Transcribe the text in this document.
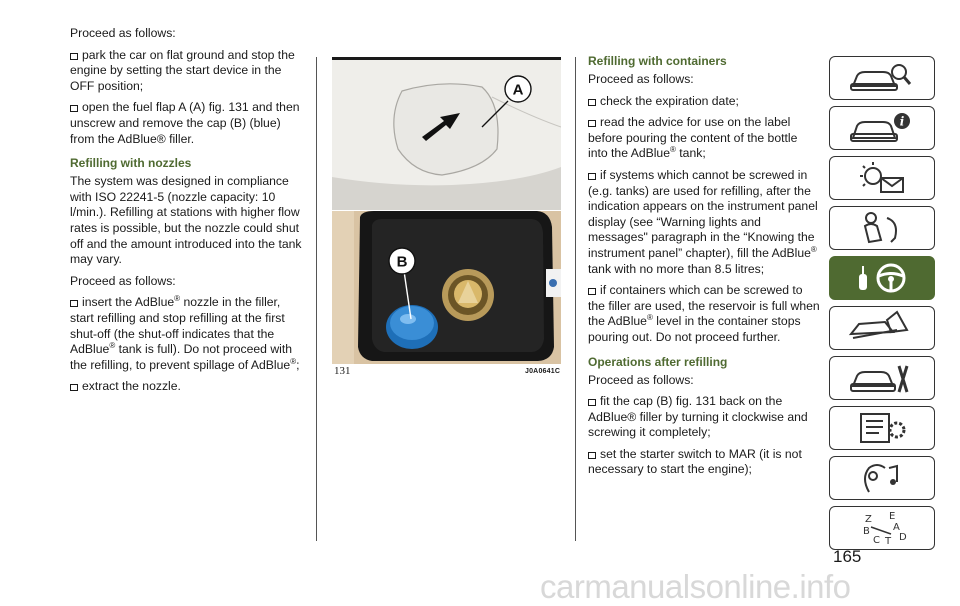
Proceed as follows:

park the car on flat ground and stop the engine by setting the start device in the OFF position;

open the fuel flap A (A) fig. 131 and then unscrew and remove the cap (B) (blue) from the AdBlue® filler.

Refilling with nozzles

The system was designed in compliance with ISO 22241-5 (nozzle capacity: 10 l/min.). Refilling at stations with higher flow rates is possible, but the nozzle could shut off and the amount introduced into the tank may vary.

Proceed as follows:

insert the AdBlue® nozzle in the filler, start refilling and stop refilling at the first shut-off (the shut-off indicates that the AdBlue® tank is full). Do not proceed with the refilling, to prevent spillage of AdBlue®;

extract the nozzle.

A
B
131	J0A0641C
Refilling with containers

Proceed as follows:

check the expiration date;

read the advice for use on the label before pouring the content of the bottle into the AdBlue® tank;

if systems which cannot be screwed in (e.g. tanks) are used for refilling, after the indication appears on the instrument panel display (see “Warning lights and messages" paragraph in the “Knowing the instrument panel” chapter), fill the AdBlue® tank with no more than 8.5 litres;

if containers which can be screwed to the filler are used, the reservoir is full when the AdBlue® level in the container stops pouring out. Do not proceed further.

Operations after refilling

Proceed as follows:

fit the cap (B) fig. 131 back on the AdBlue® filler by turning it clockwise and screwing it completely;

set the starter switch to MAR (it is not necessary to start the engine);

i
Z E
A
B
D
C T
165
carmanualsonline.info
